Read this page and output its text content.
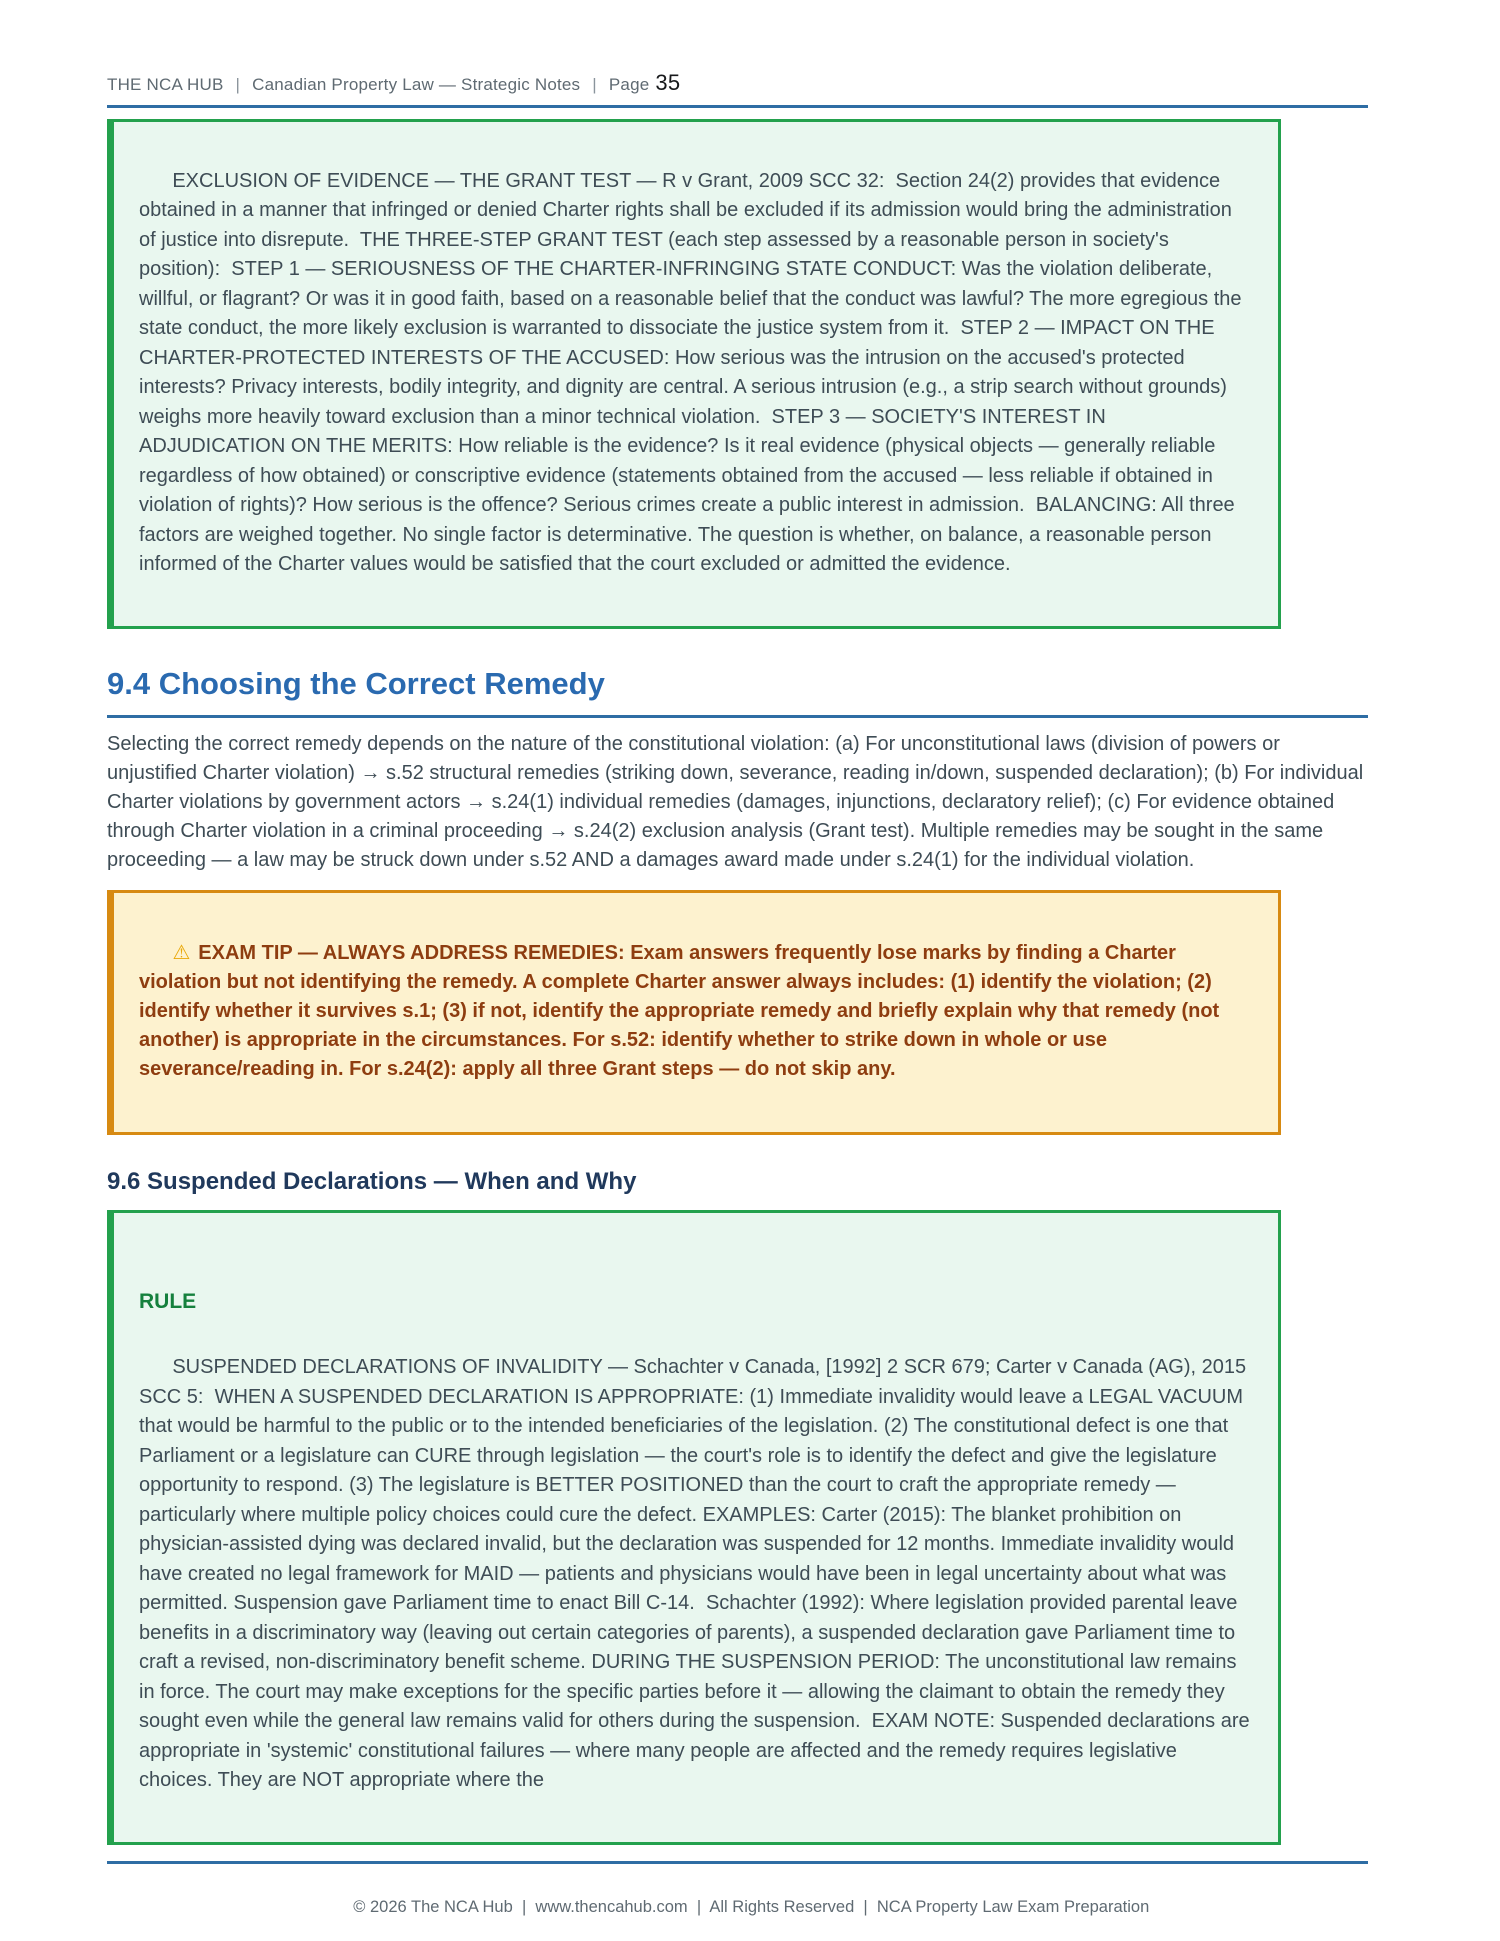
THE NCA HUB | Canadian Property Law — Strategic Notes | Page 35

EXCLUSION OF EVIDENCE — THE GRANT TEST — R v Grant, 2009 SCC 32:  Section 24(2) provides that evidence obtained in a manner that infringed or denied Charter rights shall be excluded if its admission would bring the administration of justice into disrepute.  THE THREE-STEP GRANT TEST (each step assessed by a reasonable person in society's position):  STEP 1 — SERIOUSNESS OF THE CHARTER-INFRINGING STATE CONDUCT: Was the violation deliberate, willful, or flagrant? Or was it in good faith, based on a reasonable belief that the conduct was lawful? The more egregious the state conduct, the more likely exclusion is warranted to dissociate the justice system from it.  STEP 2 — IMPACT ON THE CHARTER-PROTECTED INTERESTS OF THE ACCUSED: How serious was the intrusion on the accused's protected interests? Privacy interests, bodily integrity, and dignity are central. A serious intrusion (e.g., a strip search without grounds) weighs more heavily toward exclusion than a minor technical violation.  STEP 3 — SOCIETY'S INTEREST IN ADJUDICATION ON THE MERITS: How reliable is the evidence? Is it real evidence (physical objects — generally reliable regardless of how obtained) or conscriptive evidence (statements obtained from the accused — less reliable if obtained in violation of rights)? How serious is the offence? Serious crimes create a public interest in admission.  BALANCING: All three factors are weighed together. No single factor is determinative. The question is whether, on balance, a reasonable person informed of the Charter values would be satisfied that the court excluded or admitted the evidence.

9.4 Choosing the Correct Remedy
Selecting the correct remedy depends on the nature of the constitutional violation: (a) For unconstitutional laws (division of powers or unjustified Charter violation) → s.52 structural remedies (striking down, severance, reading in/down, suspended declaration); (b) For individual Charter violations by government actors → s.24(1) individual remedies (damages, injunctions, declaratory relief); (c) For evidence obtained through Charter violation in a criminal proceeding → s.24(2) exclusion analysis (Grant test). Multiple remedies may be sought in the same proceeding — a law may be struck down under s.52 AND a damages award made under s.24(1) for the individual violation.

⚠ EXAM TIP — ALWAYS ADDRESS REMEDIES: Exam answers frequently lose marks by finding a Charter violation but not identifying the remedy. A complete Charter answer always includes: (1) identify the violation; (2) identify whether it survives s.1; (3) if not, identify the appropriate remedy and briefly explain why that remedy (not another) is appropriate in the circumstances. For s.52: identify whether to strike down in whole or use severance/reading in. For s.24(2): apply all three Grant steps — do not skip any.

9.6 Suspended Declarations — When and Why

RULE

SUSPENDED DECLARATIONS OF INVALIDITY — Schachter v Canada, [1992] 2 SCR 679; Carter v Canada (AG), 2015 SCC 5:  WHEN A SUSPENDED DECLARATION IS APPROPRIATE: (1) Immediate invalidity would leave a LEGAL VACUUM that would be harmful to the public or to the intended beneficiaries of the legislation. (2) The constitutional defect is one that Parliament or a legislature can CURE through legislation — the court's role is to identify the defect and give the legislature opportunity to respond. (3) The legislature is BETTER POSITIONED than the court to craft the appropriate remedy — particularly where multiple policy choices could cure the defect. EXAMPLES: Carter (2015): The blanket prohibition on physician-assisted dying was declared invalid, but the declaration was suspended for 12 months. Immediate invalidity would have created no legal framework for MAID — patients and physicians would have been in legal uncertainty about what was permitted. Suspension gave Parliament time to enact Bill C-14.  Schachter (1992): Where legislation provided parental leave benefits in a discriminatory way (leaving out certain categories of parents), a suspended declaration gave Parliament time to craft a revised, non-discriminatory benefit scheme. DURING THE SUSPENSION PERIOD: The unconstitutional law remains in force. The court may make exceptions for the specific parties before it — allowing the claimant to obtain the remedy they sought even while the general law remains valid for others during the suspension.  EXAM NOTE: Suspended declarations are appropriate in 'systemic' constitutional failures — where many people are affected and the remedy requires legislative choices. They are NOT appropriate where the

© 2026 The NCA Hub  |  www.thencahub.com  |  All Rights Reserved  |  NCA Property Law Exam Preparation
